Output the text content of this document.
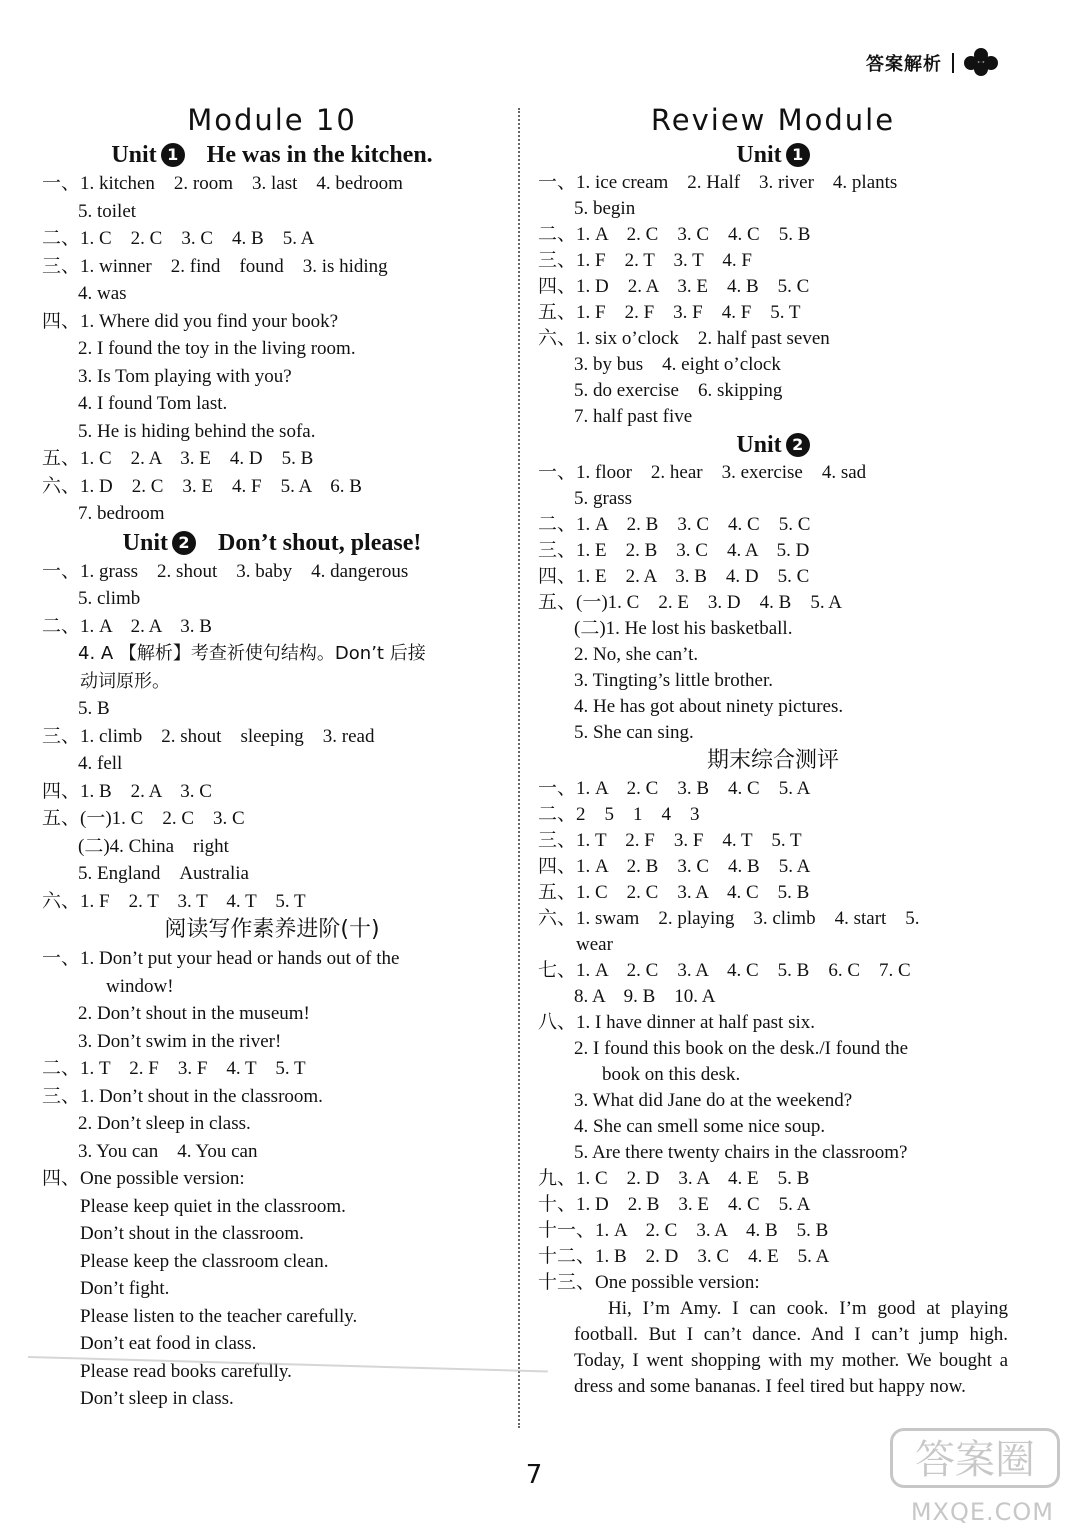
答案解析
Module 10
Unit 1 He was in the kitchen.
一、1. kitchen　2. room　3. last　4. bedroom
5. toilet
二、1. C　2. C　3. C　4. B　5. A
三、1. winner　2. find　found　3. is hiding
4. was
四、1. Where did you find your book?
2. I found the toy in the living room.
3. Is Tom playing with you?
4. I found Tom last.
5. He is hiding behind the sofa.
五、1. C　2. A　3. E　4. D　5. B
六、1. D　2. C　3. E　4. F　5. A　6. B
7. bedroom
Unit 2 Don’t shout, please!
一、1. grass　2. shout　3. baby　4. dangerous
5. climb
二、1. A　2. A　3. B
4. A 【解析】考查祈使句结构。Don’t 后接
动词原形。
5. B
三、1. climb　2. shout　sleeping　3. read
4. fell
四、1. B　2. A　3. C
五、(一)1. C　2. C　3. C
(二)4. China　right
5. England　Australia
六、1. F　2. T　3. T　4. T　5. T
阅读写作素养进阶(十)
一、1. Don’t put your head or hands out of the
window!
2. Don’t shout in the museum!
3. Don’t swim in the river!
二、1. T　2. F　3. F　4. T　5. T
三、1. Don’t shout in the classroom.
2. Don’t sleep in class.
3. You can　4. You can
四、One possible version:
Please keep quiet in the classroom.
Don’t shout in the classroom.
Please keep the classroom clean.
Don’t fight.
Please listen to the teacher carefully.
Don’t eat food in class.
Please read books carefully.
Don’t sleep in class.
Review Module
Unit 1
一、1. ice cream　2. Half　3. river　4. plants
5. begin
二、1. A　2. C　3. C　4. C　5. B
三、1. F　2. T　3. T　4. F
四、1. D　2. A　3. E　4. B　5. C
五、1. F　2. F　3. F　4. F　5. T
六、1. six o’clock　2. half past seven
3. by bus　4. eight o’clock
5. do exercise　6. skipping
7. half past five
Unit 2
一、1. floor　2. hear　3. exercise　4. sad
5. grass
二、1. A　2. B　3. C　4. C　5. C
三、1. E　2. B　3. C　4. A　5. D
四、1. E　2. A　3. B　4. D　5. C
五、(一)1. C　2. E　3. D　4. B　5. A
(二)1. He lost his basketball.
2. No, she can’t.
3. Tingting’s little brother.
4. He has got about ninety pictures.
5. She can sing.
期末综合测评
一、1. A　2. C　3. B　4. C　5. A
二、2　5　1　4　3
三、1. T　2. F　3. F　4. T　5. T
四、1. A　2. B　3. C　4. B　5. A
五、1. C　2. C　3. A　4. C　5. B
六、1. swam　2. playing　3. climb　4. start　5.
wear
七、1. A　2. C　3. A　4. C　5. B　6. C　7. C
8. A　9. B　10. A
八、1. I have dinner at half past six.
2. I found this book on the desk./I found the
book on this desk.
3. What did Jane do at the weekend?
4. She can smell some nice soup.
5. Are there twenty chairs in the classroom?
九、1. C　2. D　3. A　4. E　5. B
十、1. D　2. B　3. E　4. C　5. A
十一、1. A　2. C　3. A　4. B　5. B
十二、1. B　2. D　3. C　4. E　5. A
十三、One possible version:
Hi, I’m Amy. I can cook. I’m good at playing football. But I can’t dance. And I can’t jump high. Today, I went shopping with my mother. We bought a dress and some bananas. I feel tired but happy now.
7	答案圈
MXQE.COM
